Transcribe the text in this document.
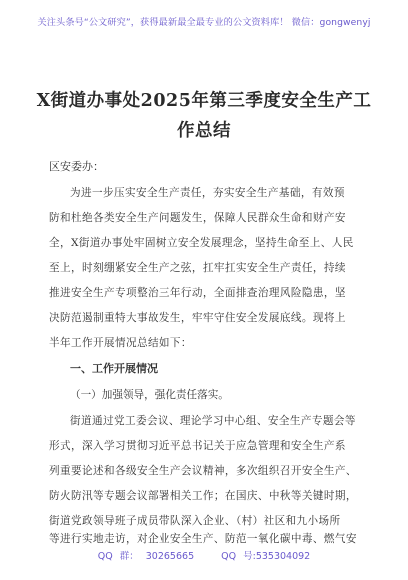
关注头条号“公文研究”，获得最新最全最专业的公文资料库！ 微信：gongwenyj
X街道办事处2025年第三季度安全生产工
作总结
区安委办：
为进一步压实安全生产责任，夯实安全生产基础，有效预
防和杜绝各类安全生产问题发生，保障人民群众生命和财产安
全，X街道办事处牢固树立安全发展理念，坚持生命至上、人民
至上，时刻绷紧安全生产之弦，扛牢扛实安全生产责任，持续
推进安全生产专项整治三年行动，全面排查治理风险隐患，坚
决防范遏制重特大事故发生，牢牢守住安全发展底线。现将上
半年工作开展情况总结如下：
一、工作开展情况
（一）加强领导，强化责任落实。
街道通过党工委会议、理论学习中心组、安全生产专题会等
形式，深入学习贯彻习近平总书记关于应急管理和安全生产系
列重要论述和各级安全生产会议精神，多次组织召开安全生产、
防火防汛等专题会议部署相关工作；在国庆、中秋等关键时期，
街道党政领导班子成员带队深入企业、（村）社区和九小场所
等进行实地走访，对企业安全生产、防范一氧化碳中毒、燃气安
QQ 群： 30265665	QQ 号:535304092
